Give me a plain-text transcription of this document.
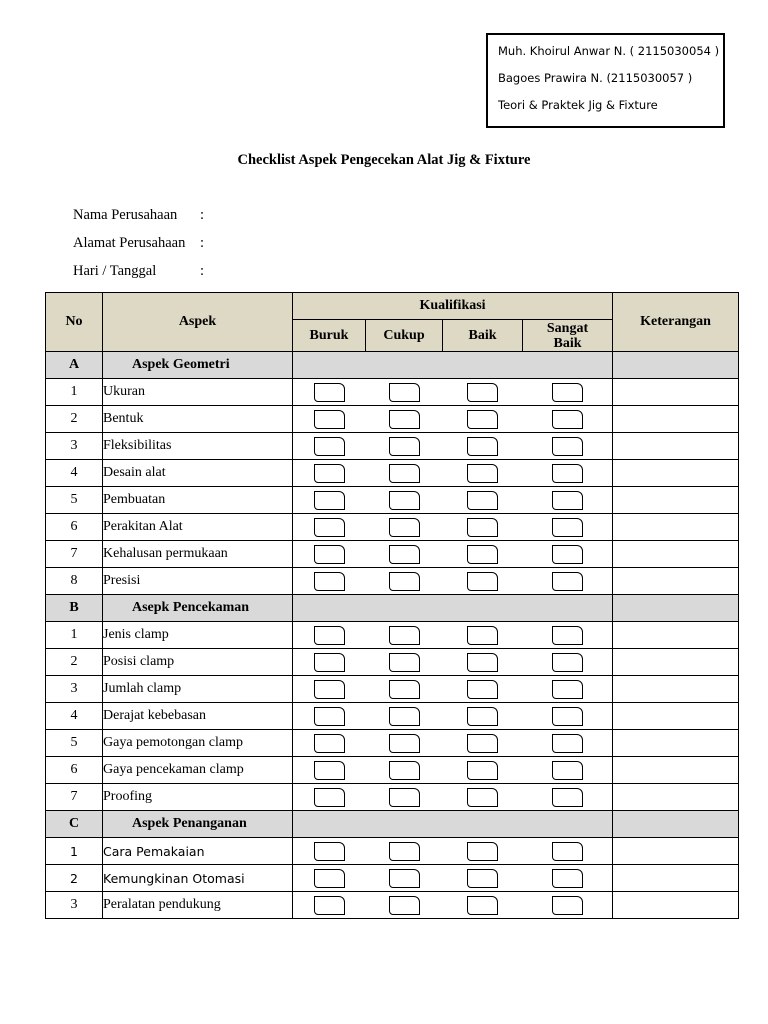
Muh. Khoirul Anwar N. ( 2115030054 )
Bagoes Prawira N. (2115030057 )
Teori & Praktek Jig & Fixture
Checklist Aspek Pengecekan Alat Jig & Fixture
Nama Perusahaan :
Alamat Perusahaan :
Hari / Tanggal	:
No	Aspek	Kualifikasi				Keterangan
		Buruk	Cukup	Baik	Sangat Baik	
A	Aspek Geometri					
1	Ukuran					
2	Bentuk					
3	Fleksibilitas					
4	Desain alat					
5	Pembuatan					
6	Perakitan Alat					
7	Kehalusan permukaan					
8	Presisi					
B	Asepk Pencekaman					
1	Jenis clamp					
2	Posisi clamp					
3	Jumlah clamp					
4	Derajat kebebasan					
5	Gaya pemotongan clamp					
6	Gaya pencekaman clamp					
7	Proofing					
C	Aspek Penanganan					
1	Cara Pemakaian					
2	Kemungkinan Otomasi					
3	Peralatan pendukung					
